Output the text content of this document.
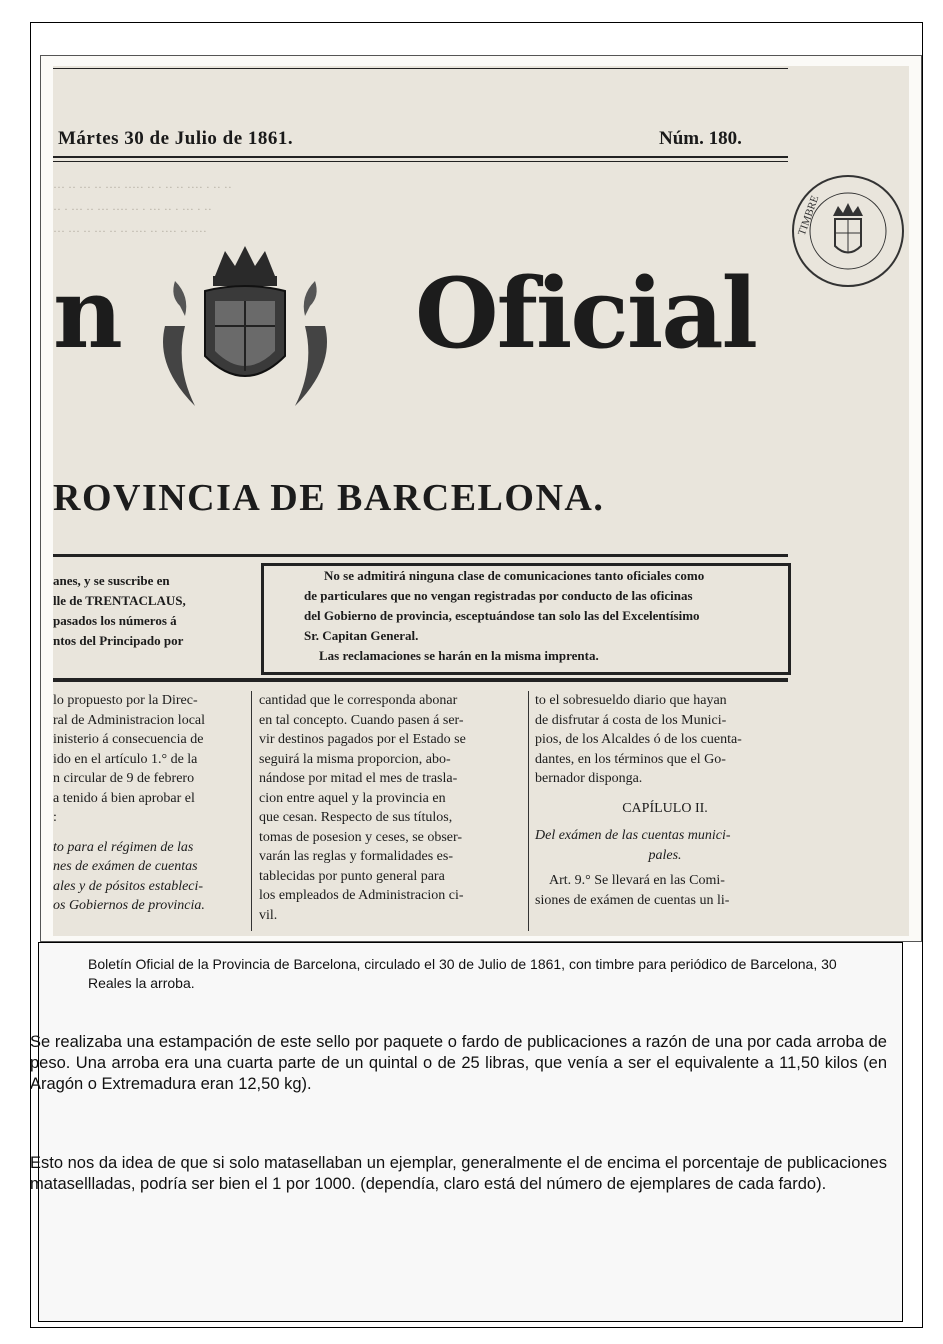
Mártes 30 de Julio de 1861.	Núm. 180.
··· ·· ··· ·· ···· ····· ·· · ·· ·· ···· · ·· ··
·· · ··· ·· ··· ···· ·· · ··· ·· · ··· · ··
··· ··· ·· ··· ·· ·· ···· ·· ···· ·· ····
n	Oficial
TIMBRE
ROVINCIA DE BARCELONA.
anes, y se suscribe en
lle de TRENTACLAUS,
pasados los números á
ntos del Principado por

No se admitirá ninguna clase de comunicaciones tanto oficiales como

de particulares que no vengan registradas por conducto de las oficinas

del Gobierno de provincia, esceptuándose tan solo las del Excelentísimo

Sr. Capitan General.

Las reclamaciones se harán en la misma imprenta.

lo propuesto por la Direc-

ral de Administracion local

inisterio á consecuencia de

ido en el artículo 1.° de la

n circular de 9 de febrero

a tenido á bien aprobar el

:

to para el régimen de las

nes de exámen de cuentas

ales y de pósitos estableci-

os Gobiernos de provincia.

cantidad que le corresponda abonar

en tal concepto. Cuando pasen á ser-

vir destinos pagados por el Estado se

seguirá la misma proporcion, abo-

nándose por mitad el mes de trasla-

cion entre aquel y la provincia en

que cesan. Respecto de sus títulos,

tomas de posesion y ceses, se obser-

varán las reglas y formalidades es-

tablecidas por punto general para

los empleados de Administracion ci-

vil.

to el sobresueldo diario que hayan

de disfrutar á costa de los Munici-

pios, de los Alcaldes ó de los cuenta-

dantes, en los términos que el Go-

bernador disponga.

CAPÍLULO II.

Del exámen de las cuentas munici-

pales.

Art. 9.° Se llevará en las Comi-

siones de exámen de cuentas un li-

Boletín Oficial de la Provincia de Barcelona, circulado el 30 de Julio de 1861, con timbre para periódico de Barcelona, 30 Reales la arroba.
Se realizaba una estampación de este sello por paquete o fardo de publicaciones a razón de una por cada arroba de peso. Una arroba era una cuarta parte de un quintal o de 25 libras, que venía a ser el equivalente a 11,50 kilos (en Aragón o Extremadura eran 12,50 kg).
Esto nos da idea de que si solo matasellaban un ejemplar, generalmente el de encima el porcentaje de publicaciones matasellladas, podría ser bien el 1 por 1000. (dependía, claro está del número de ejemplares de cada fardo).
